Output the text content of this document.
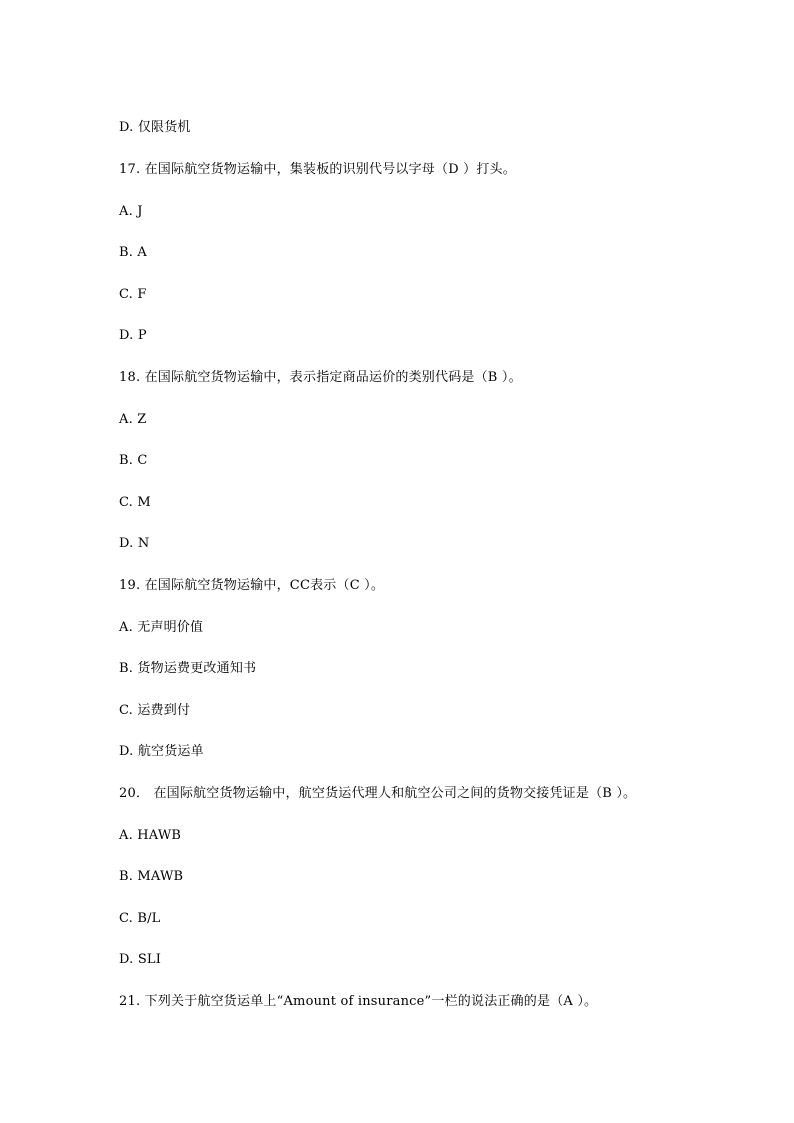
D. 仅限货机
17. 在国际航空货物运输中，集装板的识别代号以字母（D ）打头。
A. J
B. A
C. F
D. P
18. 在国际航空货物运输中，表示指定商品运价的类别代码是（B ）。
A. Z
B. C
C. M
D. N
19. 在国际航空货物运输中，CC表示（C ）。
A. 无声明价值
B. 货物运费更改通知书
C. 运费到付
D. 航空货运单
20． 在国际航空货物运输中，航空货运代理人和航空公司之间的货物交接凭证是（B ）。
A. HAWB
B. MAWB
C. B/L
D. SLI
21. 下列关于航空货运单上“Amount of insurance”一栏的说法正确的是（A ）。
